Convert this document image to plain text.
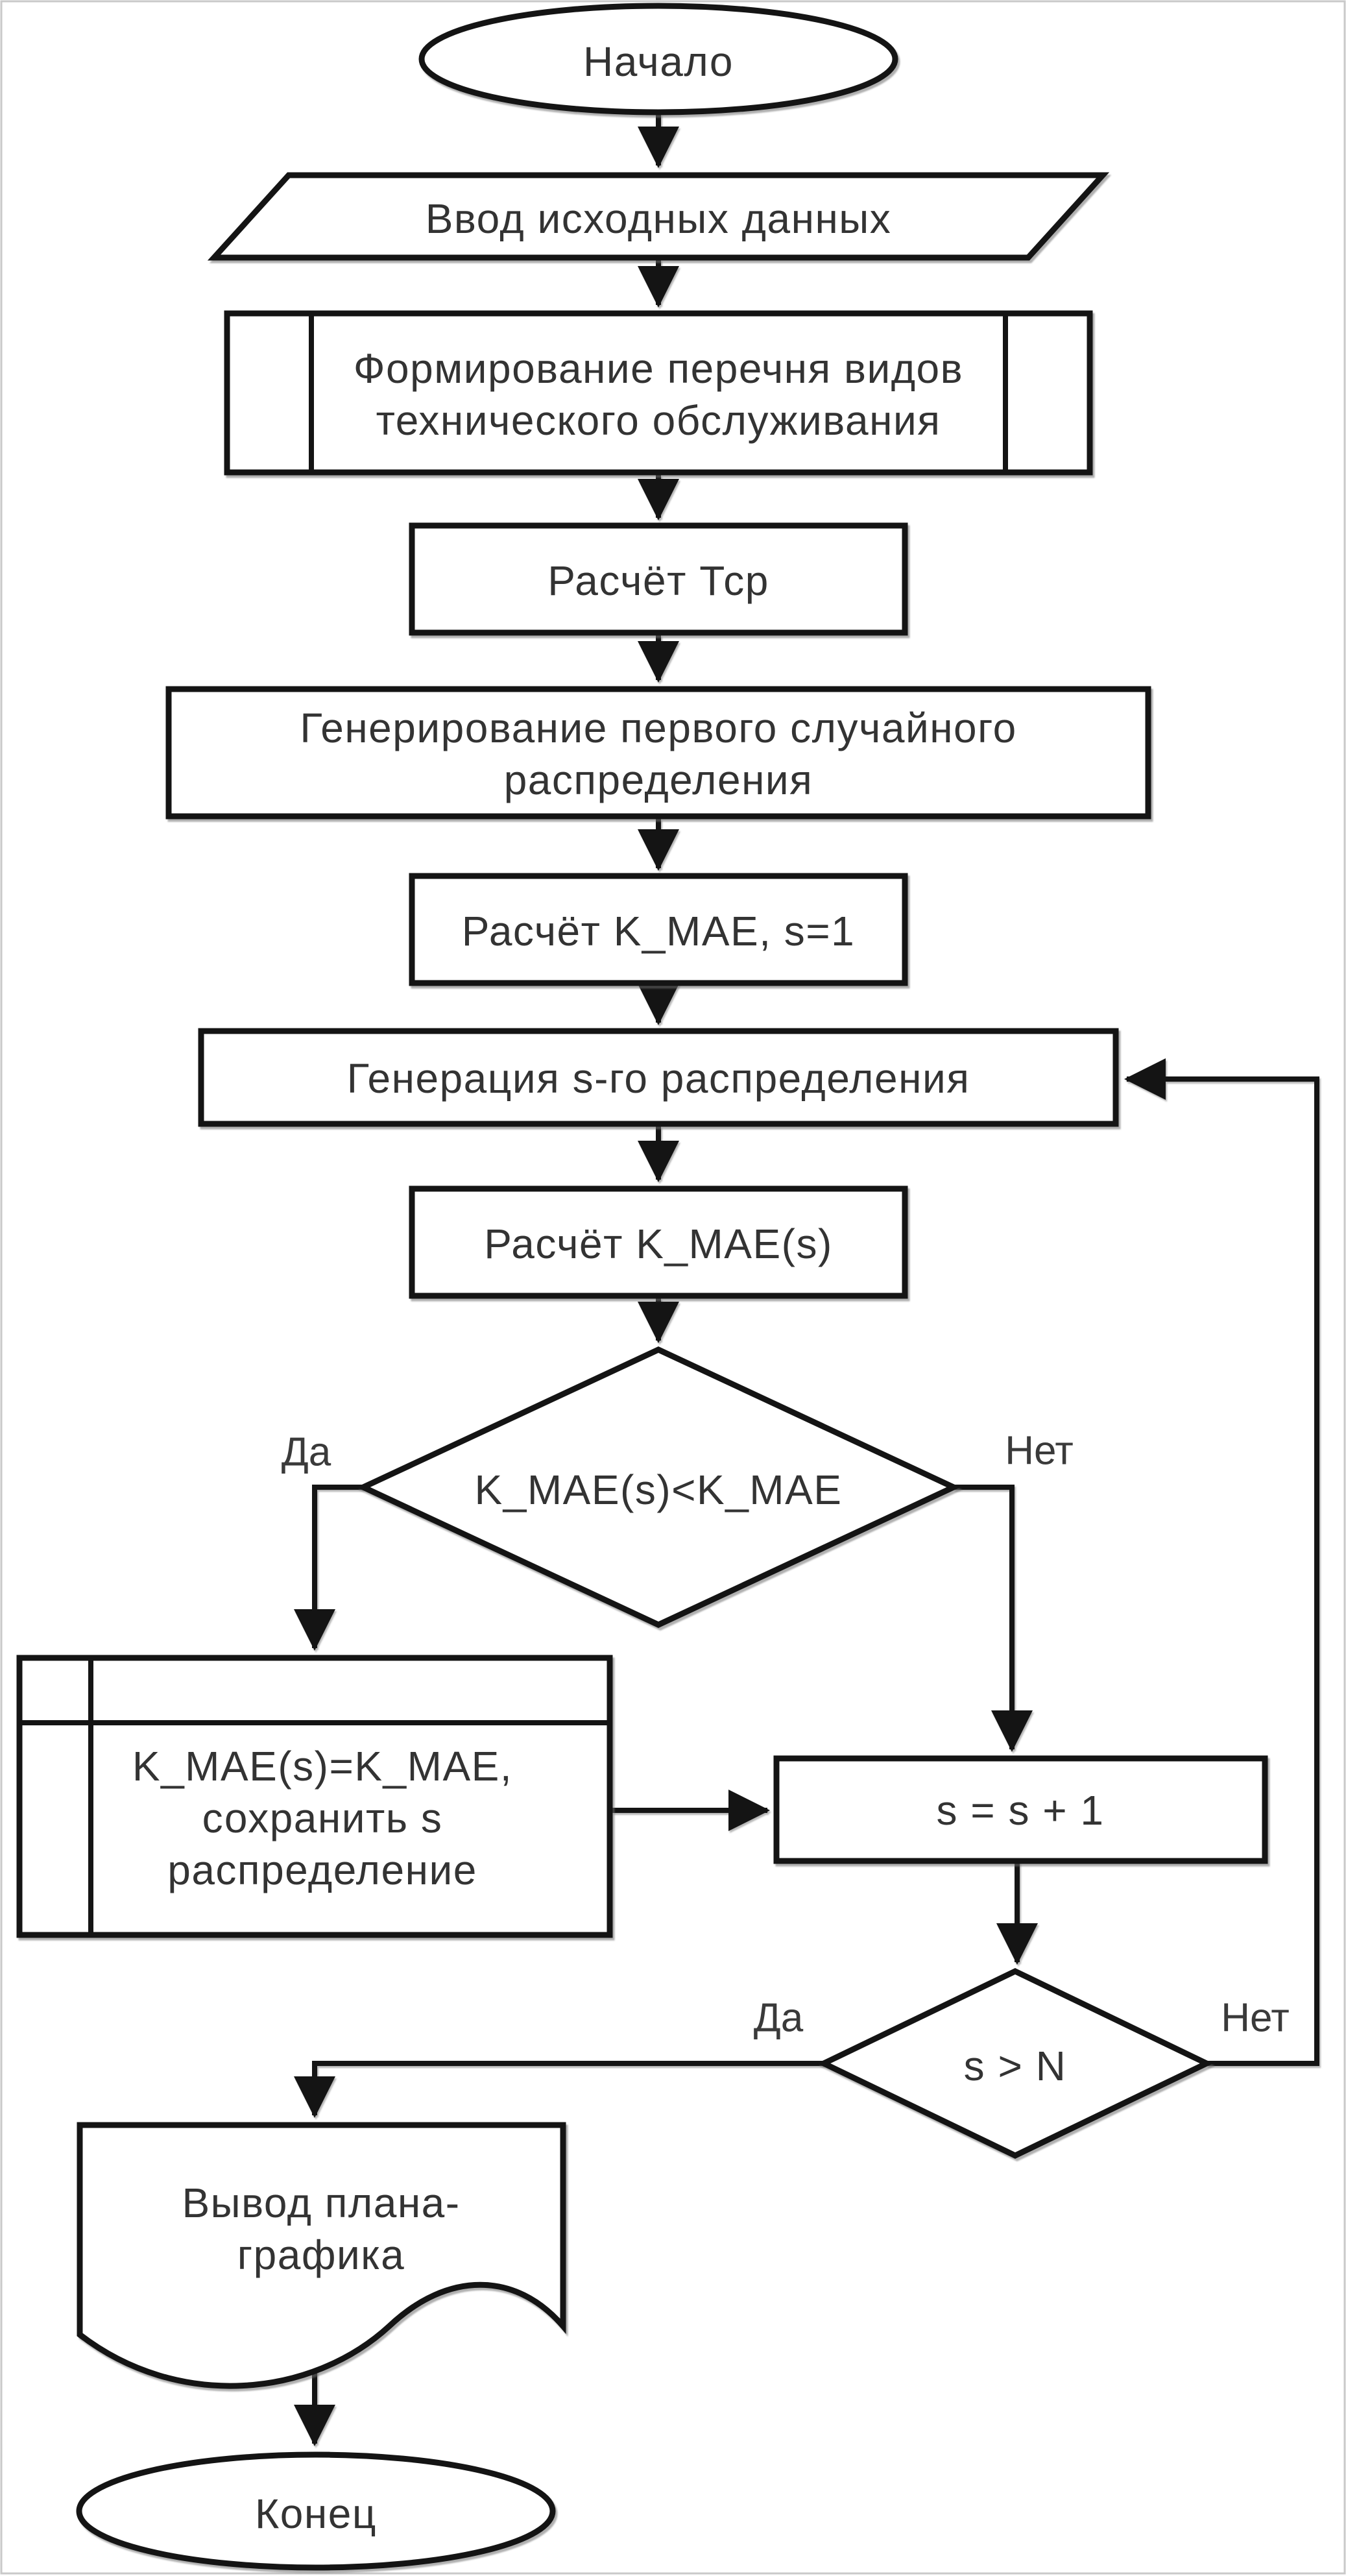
Начало
Ввод исходных данных
Формирование перечня видов
технического обслуживания
Расчёт Тср
Генерирование первого случайного
распределения
Расчёт K_MAE, s=1
Генерация s-го распределения
Расчёт K_MAE(s)
K_MAE(s)<K_MAE
Да	Нет
K_MAE(s)=K_MAE,
сохранить s
распределение
s = s + 1
s > N
Да	Нет
Вывод плана-
графика
Конец
